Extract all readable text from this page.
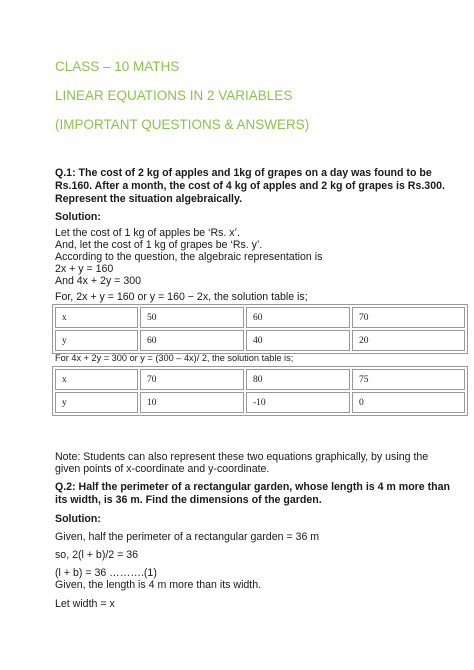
CLASS – 10 MATHS
LINEAR EQUATIONS IN 2 VARIABLES
(IMPORTANT QUESTIONS & ANSWERS)
Q.1: The cost of 2 kg of apples and 1kg of grapes on a day was found to be
Rs.160. After a month, the cost of 4 kg of apples and 2 kg of grapes is Rs.300.
Represent the situation algebraically.
Solution:
Let the cost of 1 kg of apples be ‘Rs. x’.
And, let the cost of 1 kg of grapes be ‘Rs. y’.
According to the question, the algebraic representation is
2x + y = 160
And 4x + 2y = 300
For, 2x + y = 160 or y = 160 − 2x, the solution table is;
x	50	60	70
y	60	40	20
For 4x + 2y = 300 or y = (300 – 4x)/ 2, the solution table is;
x	70	80	75
y	10	-10	0
Note: Students can also represent these two equations graphically, by using the
given points of x-coordinate and y-coordinate.
Q.2: Half the perimeter of a rectangular garden, whose length is 4 m more than
its width, is 36 m. Find the dimensions of the garden.
Solution:
Given, half the perimeter of a rectangular garden = 36 m
so, 2(l + b)/2 = 36
(l + b) = 36 ……….(1)
Given, the length is 4 m more than its width.
Let width = x
